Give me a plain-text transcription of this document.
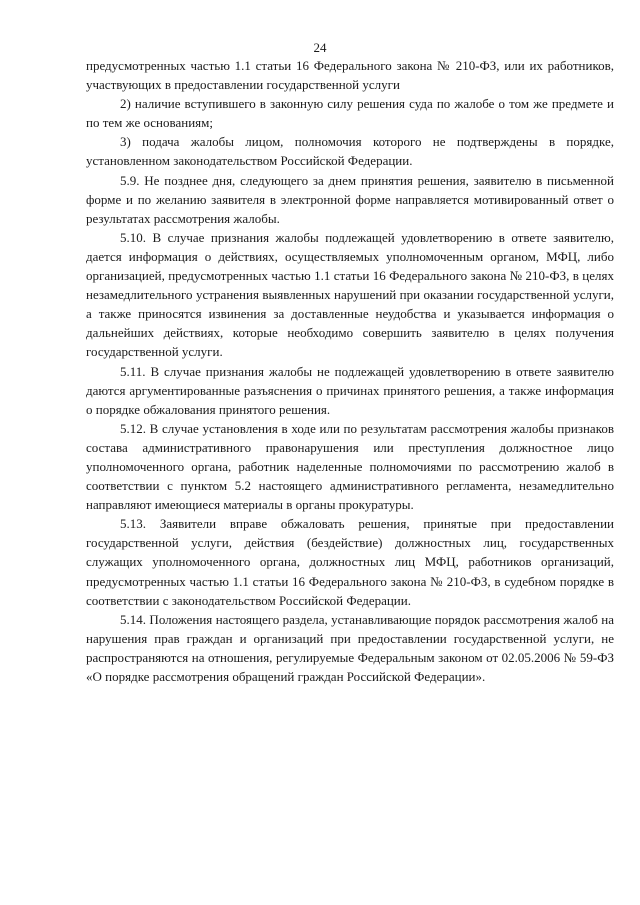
24

предусмотренных частью 1.1 статьи 16 Федерального закона № 210-ФЗ, или их работников, участвующих в предоставлении государственной услуги

2) наличие вступившего в законную силу решения суда по жалобе о том же предмете и по тем же основаниям;

3) подача жалобы лицом, полномочия которого не подтверждены в порядке, установленном законодательством Российской Федерации.

5.9. Не позднее дня, следующего за днем принятия решения, заявителю в письменной форме и по желанию заявителя в электронной форме направляется мотивированный ответ о результатах рассмотрения жалобы.

5.10. В случае признания жалобы подлежащей удовлетворению в ответе заявителю, дается информация о действиях, осуществляемых уполномоченным органом, МФЦ, либо организацией, предусмотренных частью 1.1 статьи 16 Федерального закона № 210-ФЗ, в целях незамедлительного устранения выявленных нарушений при оказании государственной услуги, а также приносятся извинения за доставленные неудобства и указывается информация о дальнейших действиях, которые необходимо совершить заявителю в целях получения государственной услуги.

5.11. В случае признания жалобы не подлежащей удовлетворению в ответе заявителю даются аргументированные разъяснения о причинах принятого решения, а также информация о порядке обжалования принятого решения.

5.12. В случае установления в ходе или по результатам рассмотрения жалобы признаков состава административного правонарушения или преступления должностное лицо уполномоченного органа, работник наделенные полномочиями по рассмотрению жалоб в соответствии с пунктом 5.2 настоящего административного регламента, незамедлительно направляют имеющиеся материалы в органы прокуратуры.

5.13. Заявители вправе обжаловать решения, принятые при предоставлении государственной услуги, действия (бездействие) должностных лиц, государственных служащих уполномоченного органа, должностных лиц МФЦ, работников организаций, предусмотренных частью 1.1 статьи 16 Федерального закона № 210-ФЗ, в судебном порядке в соответствии с законодательством Российской Федерации.

5.14. Положения настоящего раздела, устанавливающие порядок рассмотрения жалоб на нарушения прав граждан и организаций при предоставлении государственной услуги, не распространяются на отношения, регулируемые Федеральным законом от 02.05.2006 № 59-ФЗ «О порядке рассмотрения обращений граждан Российской Федерации».
